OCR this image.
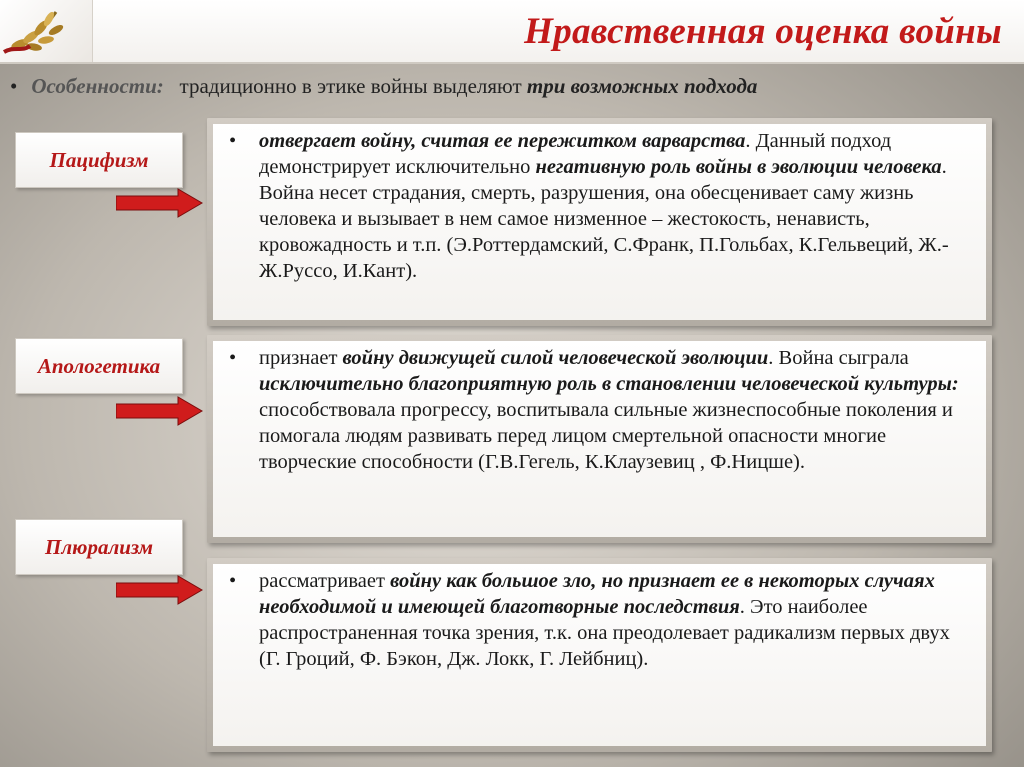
Нравственная оценка войны
• Особенности: традиционно в этике войны выделяют три возможных подхода
Пацифизм
• отвергает войну, считая ее пережитком варварства. Данный подход демонстрирует исключительно негативную роль войны в эволюции человека. Война несет страдания, смерть, разрушения, она обесценивает саму жизнь человека и вызывает в нем самое низменное – жестокость, ненависть, кровожадность и т.п. (Э.Роттердамский, С.Франк, П.Гольбах, К.Гельвеций, Ж.-Ж.Руссо, И.Кант).

Апологетика	• признает войну движущей силой человеческой эволюции. Война сыграла исключительно благоприятную роль в становлении человеческой культуры: способствовала прогрессу, воспитывала сильные жизнеспособные поколения и помогала людям развивать перед лицом смертельной опасности многие творческие способности (Г.В.Гегель, К.Клаузевиц , Ф.Ницше).

Плюрализм
• рассматривает войну как большое зло, но признает ее в некоторых случаях необходимой и имеющей благотворные последствия. Это наиболее распространенная точка зрения, т.к. она преодолевает радикализм первых двух (Г. Гроций, Ф. Бэкон, Дж. Локк, Г. Лейбниц).
